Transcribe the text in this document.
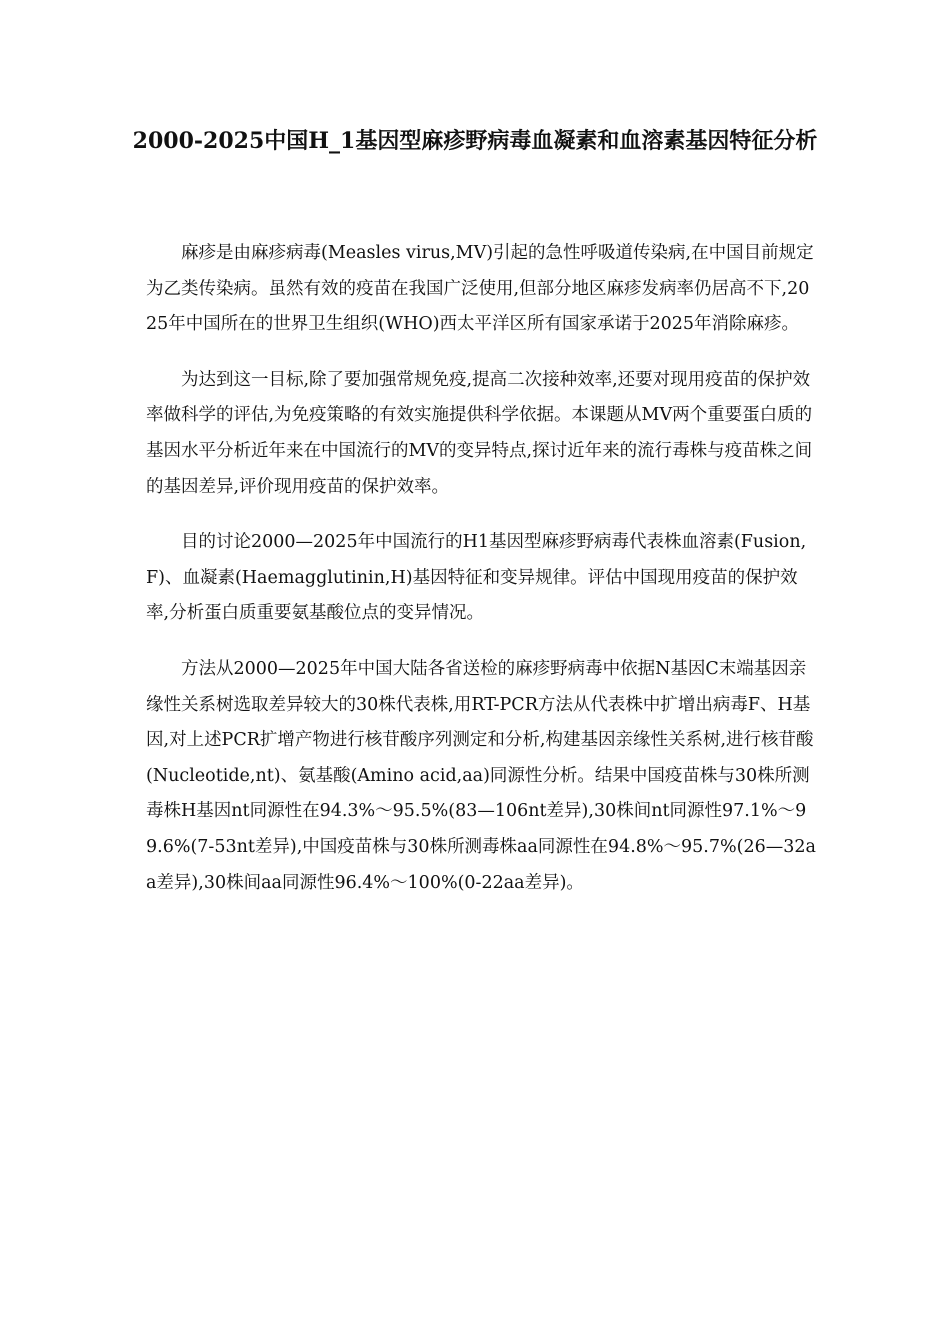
2000-2025中国H_1基因型麻疹野病毒血凝素和血溶素基因特征分析

麻疹是由麻疹病毒(Measles virus,MV)引起的急性呼吸道传染病,在中国目前规定为乙类传染病。虽然有效的疫苗在我国广泛使用,但部分地区麻疹发病率仍居高不下,2025年中国所在的世界卫生组织(WHO)西太平洋区所有国家承诺于2025年消除麻疹。

为达到这一目标,除了要加强常规免疫,提高二次接种效率,还要对现用疫苗的保护效率做科学的评估,为免疫策略的有效实施提供科学依据。本课题从MV两个重要蛋白质的基因水平分析近年来在中国流行的MV的变异特点,探讨近年来的流行毒株与疫苗株之间的基因差异,评价现用疫苗的保护效率。

目的讨论2000—2025年中国流行的H1基因型麻疹野病毒代表株血溶素(Fusion,F)、血凝素(Haemagglutinin,H)基因特征和变异规律。评估中国现用疫苗的保护效率,分析蛋白质重要氨基酸位点的变异情况。

方法从2000—2025年中国大陆各省送检的麻疹野病毒中依据N基因C末端基因亲缘性关系树选取差异较大的30株代表株,用RT-PCR方法从代表株中扩增出病毒F、H基因,对上述PCR扩增产物进行核苷酸序列测定和分析,构建基因亲缘性关系树,进行核苷酸(Nucleotide,nt)、氨基酸(Amino acid,aa)同源性分析。结果中国疫苗株与30株所测毒株H基因nt同源性在94.3%～95.5%(83—106nt差异),30株间nt同源性97.1%～99.6%(7-53nt差异),中国疫苗株与30株所测毒株aa同源性在94.8%～95.7%(26—32aa差异),30株间aa同源性96.4%～100%(0-22aa差异)。
